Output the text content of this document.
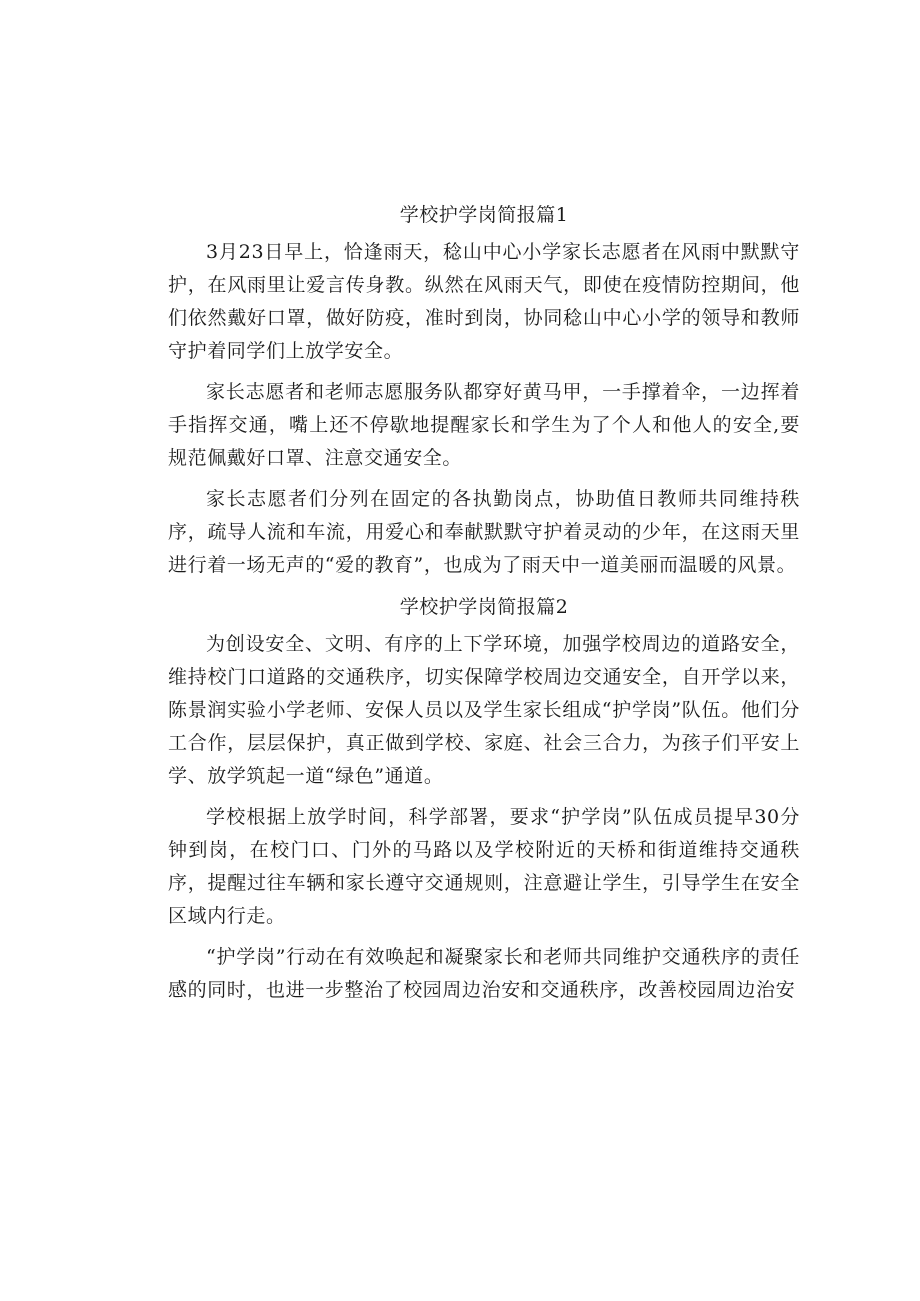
学校护学岗简报篇1

3月23日早上，恰逢雨天，稔山中心小学家长志愿者在风雨中默默守护，在风雨里让爱言传身教。纵然在风雨天气，即使在疫情防控期间，他们依然戴好口罩，做好防疫，准时到岗，协同稔山中心小学的领导和教师守护着同学们上放学安全。

家长志愿者和老师志愿服务队都穿好黄马甲，一手撑着伞，一边挥着手指挥交通，嘴上还不停歇地提醒家长和学生为了个人和他人的安全,要规范佩戴好口罩、注意交通安全。

家长志愿者们分列在固定的各执勤岗点，协助值日教师共同维持秩序，疏导人流和车流，用爱心和奉献默默守护着灵动的少年，在这雨天里进行着一场无声的“爱的教育”，也成为了雨天中一道美丽而温暖的风景。

学校护学岗简报篇2

为创设安全、文明、有序的上下学环境，加强学校周边的道路安全，维持校门口道路的交通秩序，切实保障学校周边交通安全，自开学以来，陈景润实验小学老师、安保人员以及学生家长组成“护学岗”队伍。他们分工合作，层层保护，真正做到学校、家庭、社会三合力，为孩子们平安上学、放学筑起一道“绿色”通道。

学校根据上放学时间，科学部署，要求“护学岗”队伍成员提早30分钟到岗，在校门口、门外的马路以及学校附近的天桥和街道维持交通秩序，提醒过往车辆和家长遵守交通规则，注意避让学生，引导学生在安全区域内行走。

“护学岗”行动在有效唤起和凝聚家长和老师共同维护交通秩序的责任感的同时，也进一步整治了校园周边治安和交通秩序，改善校园周边治安
